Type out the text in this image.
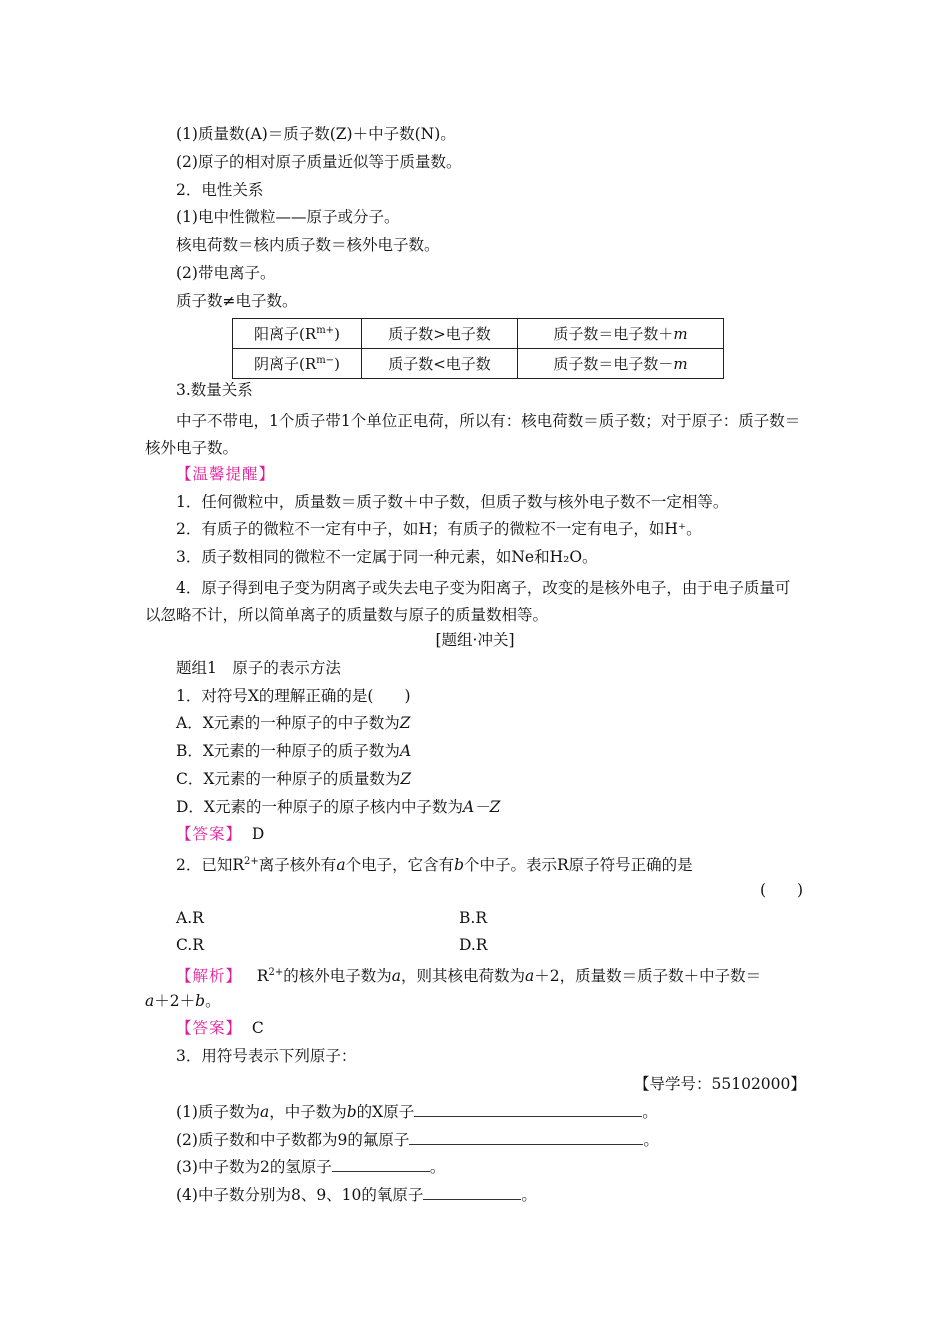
(1)质量数(A)＝质子数(Z)＋中子数(N)。
(2)原子的相对原子质量近似等于质量数。
2．电性关系
(1)电中性微粒——原子或分子。
核电荷数＝核内质子数＝核外电子数。
(2)带电离子。
质子数≠电子数。
阳离子$(R^{m+})$	质子数>电子数	质子数＝电子数＋m
阴离子$(R^{m-})$	质子数<电子数	质子数＝电子数－m
3.数量关系
中子不带电，1个质子带1个单位正电荷，所以有：核电荷数＝质子数；对于原子：质子数＝核外电子数。
【温馨提醒】
1．任何微粒中，质量数＝质子数＋中子数，但质子数与核外电子数不一定相等。
2．有质子的微粒不一定有中子，如H；有质子的微粒不一定有电子，如H⁺。
3．质子数相同的微粒不一定属于同一种元素，如Ne和H₂O。
4．原子得到电子变为阴离子或失去电子变为阳离子，改变的是核外电子，由于电子质量可以忽略不计，所以简单离子的质量数与原子的质量数相等。
[题组·冲关]
题组1　原子的表示方法
1．对符号X的理解正确的是(　　)
A．X元素的一种原子的中子数为Z
B．X元素的一种原子的质子数为A
C．X元素的一种原子的质量数为Z
D．X元素的一种原子的原子核内中子数为A－Z
【答案】 D
2．已知$R^{2+}$离子核外有a个电子，它含有b个中子。表示R原子符号正确的是
(　　)
A.R	B.R
C.R	D.R
【解析】 $R^{2+}$的核外电子数为a，则其核电荷数为a＋2，质量数＝质子数＋中子数＝
a＋2＋b。
【答案】 C
3．用符号表示下列原子：
【导学号：55102000】
(1)质子数为a，中子数为b的X原子	。
(2)质子数和中子数都为9的氟原子	。
(3)中子数为2的氢原子	。
(4)中子数分别为8、9、10的氧原子	。
